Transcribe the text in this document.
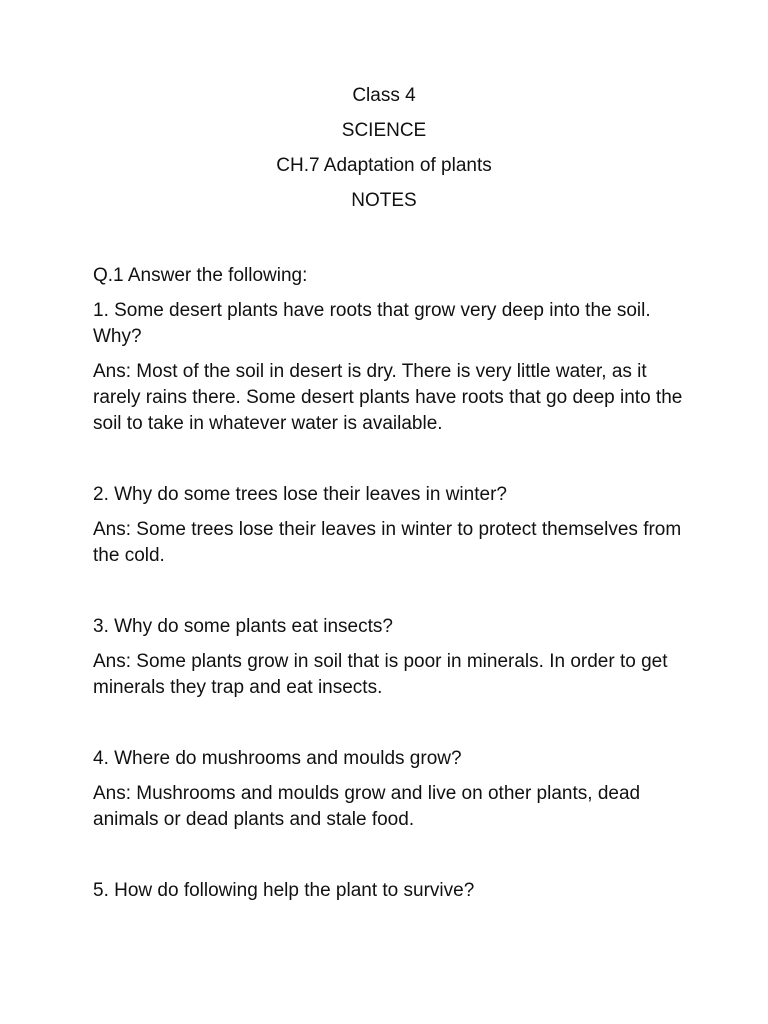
Class 4
SCIENCE
CH.7 Adaptation of plants
NOTES
Q.1 Answer the following:
1. Some desert plants have roots that grow very deep into the soil. Why?
Ans: Most of the soil in desert is dry. There is very little water, as it rarely rains there. Some desert plants have roots that go deep into the soil to take in whatever water is available.
2. Why do some trees lose their leaves in winter?
Ans: Some trees lose their leaves in winter to protect themselves from the cold.
3. Why do some plants eat insects?
Ans: Some plants grow in soil that is poor in minerals. In order to get minerals they trap and eat insects.
4. Where do mushrooms and moulds grow?
Ans: Mushrooms and moulds grow and live on other plants, dead animals or dead plants and stale food.
5. How do following help the plant to survive?
